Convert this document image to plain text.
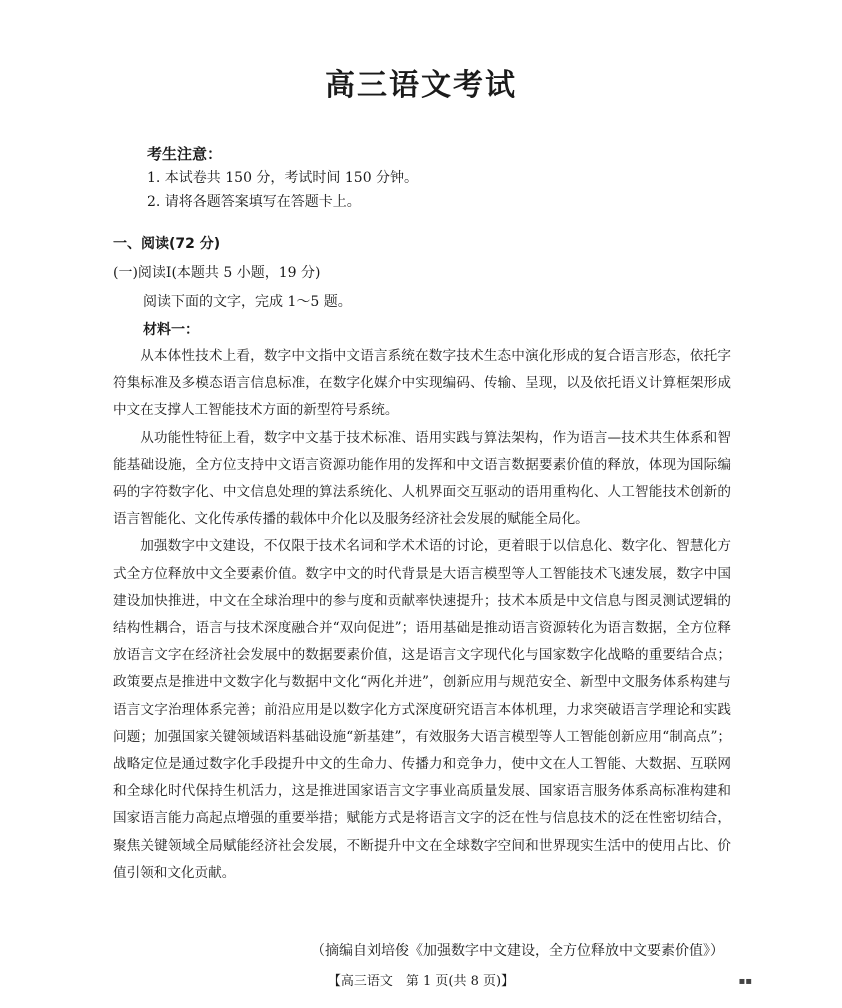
高三语文考试
考生注意：
1. 本试卷共 150 分，考试时间 150 分钟。
2. 请将各题答案填写在答题卡上。
一、阅读(72 分)
(一)阅读Ⅰ(本题共 5 小题，19 分)
阅读下面的文字，完成 1～5 题。
材料一：

从本体性技术上看，数字中文指中文语言系统在数字技术生态中演化形成的复合语言形态，依托字符集标准及多模态语言信息标准，在数字化媒介中实现编码、传输、呈现，以及依托语义计算框架形成中文在支撑人工智能技术方面的新型符号系统。

从功能性特征上看，数字中文基于技术标准、语用实践与算法架构，作为语言—技术共生体系和智能基础设施，全方位支持中文语言资源功能作用的发挥和中文语言数据要素价值的释放，体现为国际编码的字符数字化、中文信息处理的算法系统化、人机界面交互驱动的语用重构化、人工智能技术创新的语言智能化、文化传承传播的载体中介化以及服务经济社会发展的赋能全局化。

加强数字中文建设，不仅限于技术名词和学术术语的讨论，更着眼于以信息化、数字化、智慧化方式全方位释放中文全要素价值。数字中文的时代背景是大语言模型等人工智能技术飞速发展，数字中国建设加快推进，中文在全球治理中的参与度和贡献率快速提升；技术本质是中文信息与图灵测试逻辑的结构性耦合，语言与技术深度融合并“双向促进”；语用基础是推动语言资源转化为语言数据，全方位释放语言文字在经济社会发展中的数据要素价值，这是语言文字现代化与国家数字化战略的重要结合点；政策要点是推进中文数字化与数据中文化“两化并进”，创新应用与规范安全、新型中文服务体系构建与语言文字治理体系完善；前沿应用是以数字化方式深度研究语言本体机理，力求突破语言学理论和实践问题；加强国家关键领域语料基础设施“新基建”，有效服务大语言模型等人工智能创新应用“制高点”；战略定位是通过数字化手段提升中文的生命力、传播力和竞争力，使中文在人工智能、大数据、互联网和全球化时代保持生机活力，这是推进国家语言文字事业高质量发展、国家语言服务体系高标准构建和国家语言能力高起点增强的重要举措；赋能方式是将语言文字的泛在性与信息技术的泛在性密切结合，聚焦关键领域全局赋能经济社会发展，不断提升中文在全球数字空间和世界现实生活中的使用占比、价值引领和文化贡献。

（摘编自刘培俊《加强数字中文建设，全方位释放中文要素价值》）
【高三语文　第 1 页(共 8 页)】	▪▪
